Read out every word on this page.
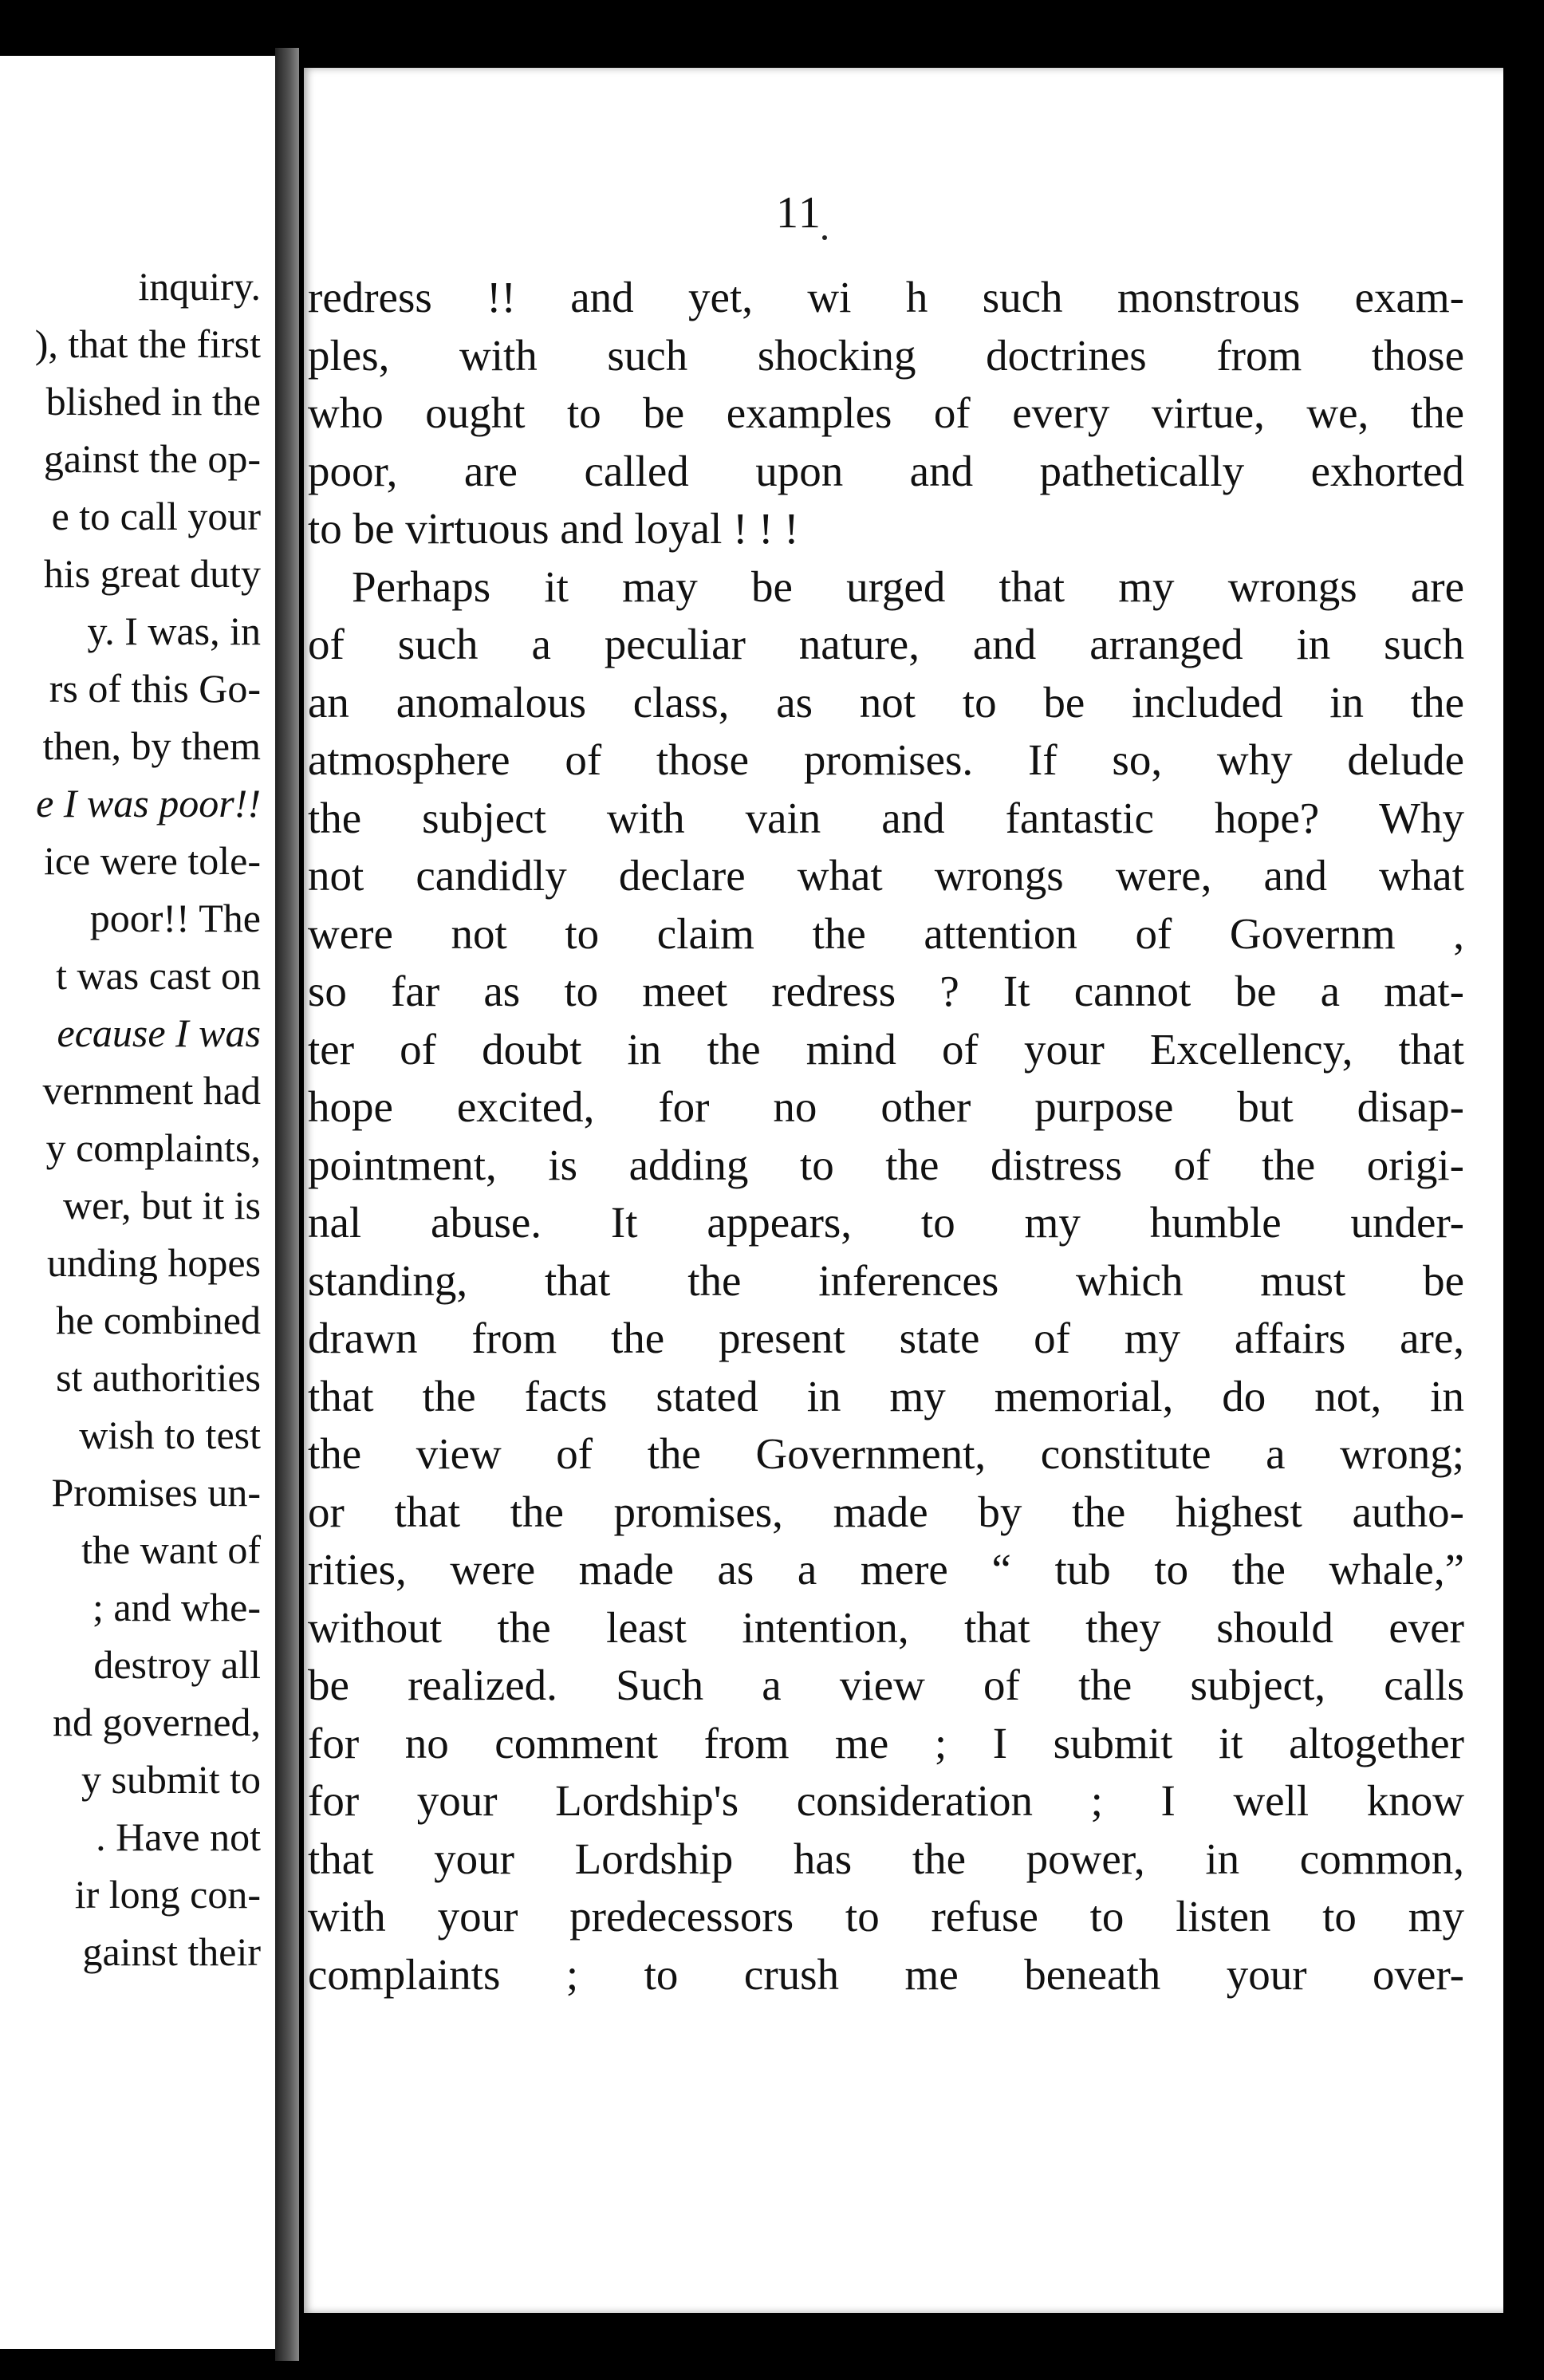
inquiry.
), that the first
blished in the
gainst the op-
e to call your
his great duty
y. I was, in
rs of this Go-
then, by them
e I was poor!!
ice were tole-
poor!! The
t was cast on
ecause I was
vernment had
y complaints,
wer, but it is
unding hopes
he combined
st authorities
wish to test
Promises un-
the want of
; and whe-
destroy all
nd governed,
y submit to
. Have not
ir long con-
gainst their
11
redress !! and yet, wi h such monstrous exam-
ples, with such shocking doctrines from those
who ought to be examples of every virtue, we, the
poor, are called upon and pathetically exhorted
to be virtuous and loyal ! ! !
Perhaps it may be urged that my wrongs are
of such a peculiar nature, and arranged in such
an anomalous class, as not to be included in the
atmosphere of those promises. If so, why delude
the subject with vain and fantastic hope? Why
not candidly declare what wrongs were, and what
were not to claim the attention of Governm ,
so far as to meet redress ? It cannot be a mat-
ter of doubt in the mind of your Excellency, that
hope excited, for no other purpose but disap-
pointment, is adding to the distress of the origi-
nal abuse. It appears, to my humble under-
standing, that the inferences which must be
drawn from the present state of my affairs are,
that the facts stated in my memorial, do not, in
the view of the Government, constitute a wrong;
or that the promises, made by the highest autho-
rities, were made as a mere “ tub to the whale,”
without the least intention, that they should ever
be realized. Such a view of the subject, calls
for no comment from me ; I submit it altogether
for your Lordship's consideration ; I well know
that your Lordship has the power, in common,
with your predecessors to refuse to listen to my
complaints ; to crush me beneath your over-
